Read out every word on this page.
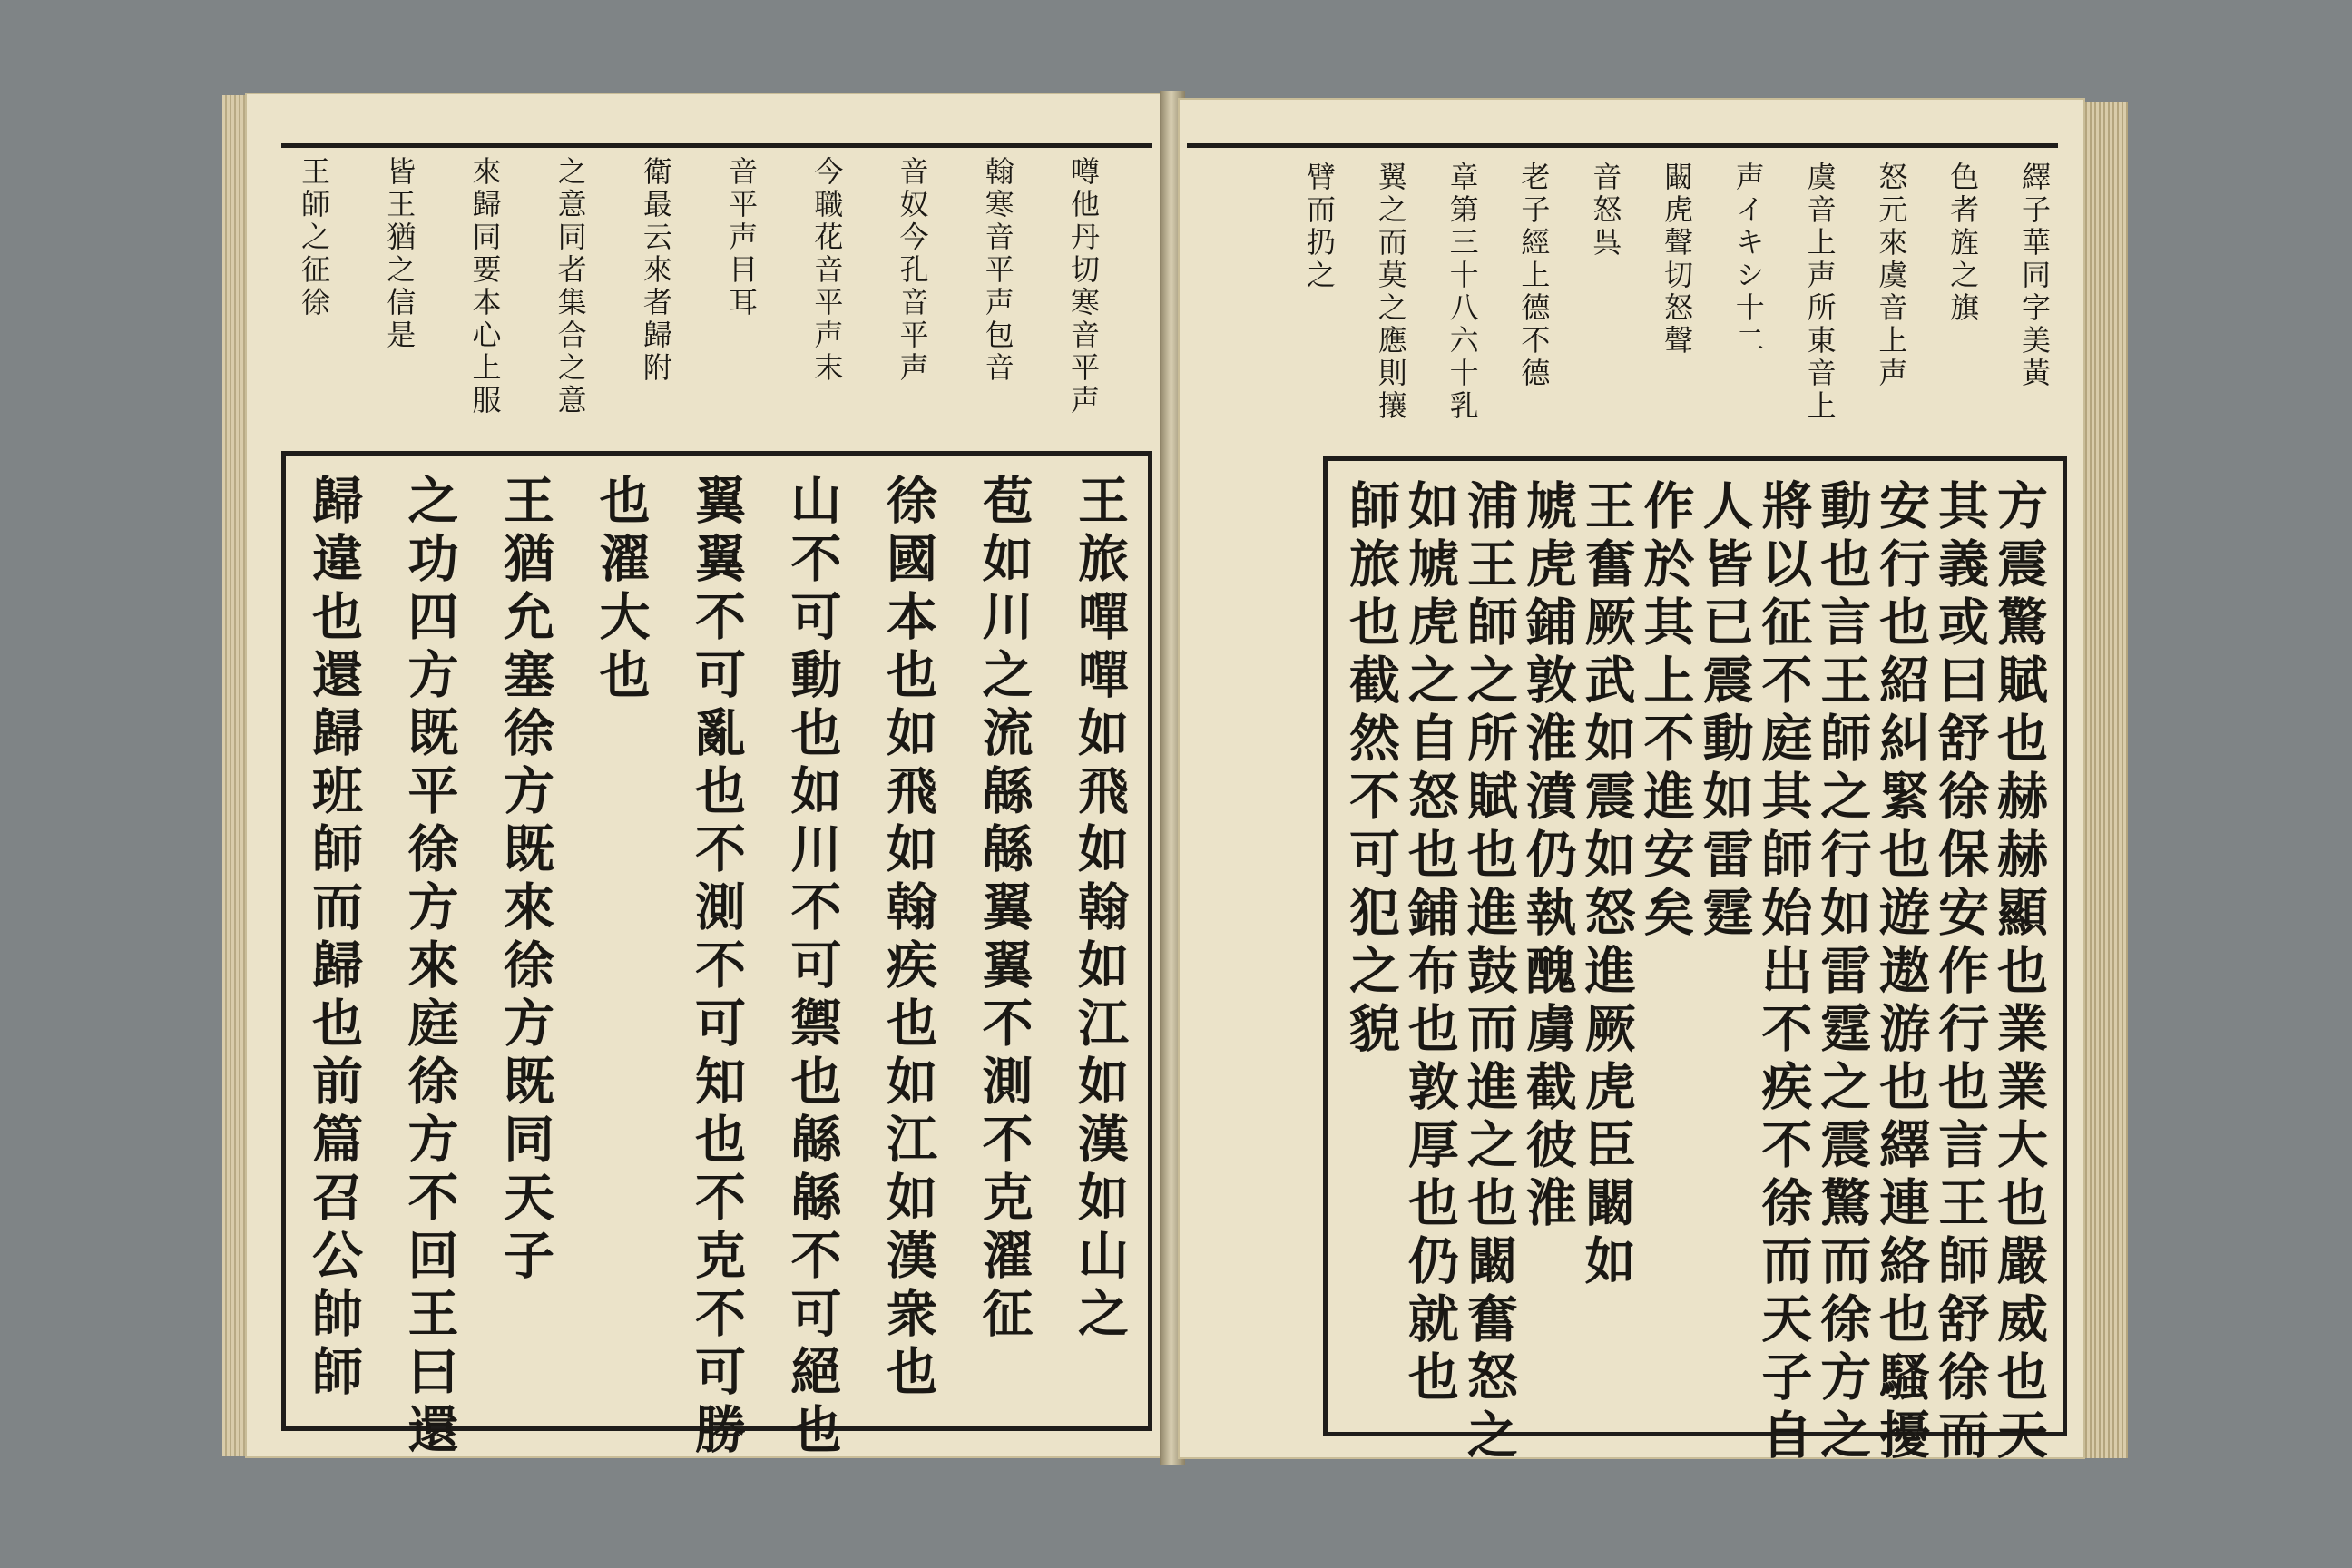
噂他丹切寒音平声
翰寒音平声包音
音奴今孔音平声
今職花音平声末
音平声目耳
衛最云來者歸附
之意同者集合之意
來歸同要本心上服
皆王猶之信是
王師之征徐
王旅嘽嘽如飛如翰如江如漢如山之
苞如川之流緜緜翼翼不測不克濯征
徐國本也如飛如翰疾也如江如漢衆也
山不可動也如川不可禦也緜緜不可絕也
翼翼不可亂也不測不可知也不克不可勝
也濯大也
王猶允塞徐方既來徐方既同天子
之功四方既平徐方來庭徐方不回王曰還
歸違也還歸班師而歸也前篇召公帥師
繹子華同字美黃
色者旌之旗
怒元來虞音上声
虞音上声所東音上
声イキシ十二
闞虎聲切怒聲
音怒呉
老子經上德不德
章第三十八六十乳
翼之而莫之應則攘
臂而扔之
方震驚賦也赫赫顯也業業大也嚴威也天
其義或曰舒徐保安作行也言王師舒徐而
安行也紹糾緊也遊遨游也繹連絡也騷擾
動也言王師之行如雷霆之震驚而徐方之
將以征不庭其師始出不疾不徐而天子自
人皆已震動如雷霆
作於其上不進安矣
王奮厥武如震如怒進厥虎臣闞如
虓虎鋪敦淮濆仍執醜虜截彼淮
浦王師之所賦也進鼓而進之也闞奮怒之
如虓虎之自怒也鋪布也敦厚也仍就也
師旅也截然不可犯之貌
